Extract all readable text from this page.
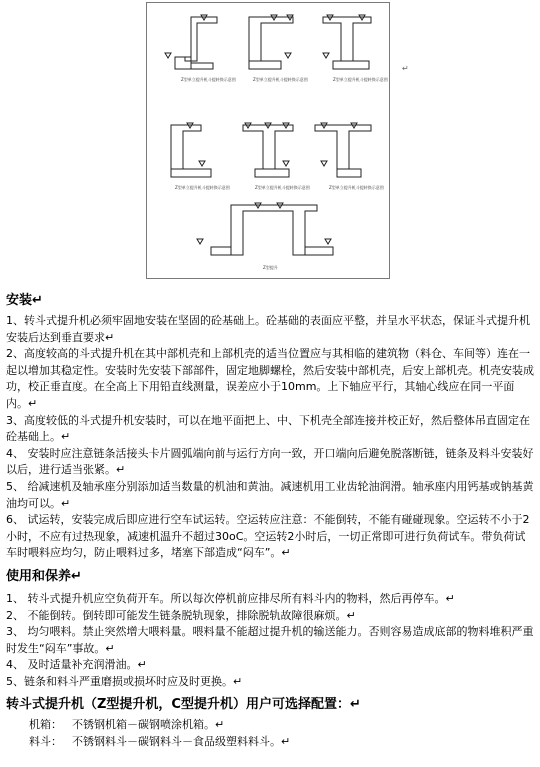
Z型单立提升机斗提转换示意图	Z型单立提升机斗提转换示意图	Z型单立提升机斗提转换示意图
Z型单立提升机斗提转换示意图	Z型单立提升机斗提转换示意图	Z型单立提升机斗提转换示意图
Z型提升
↵

安装↵

1、转斗式提升机必须牢固地安装在坚固的砼基础上。砼基础的表面应平整，并呈水平状态，保证斗式提升机安装后达到垂直要求↵

2、高度较高的斗式提升机在其中部机壳和上部机壳的适当位置应与其相临的建筑物（料仓、车间等）连在一起以增加其稳定性。安装时先安装下部部件，固定地脚螺栓，然后安装中部机壳，后安上部机壳。机壳安装成功，校正垂直度。在全高上下用铅直线测量，误差应小于10mm。上下轴应平行，其轴心线应在同一平面内。↵

3、高度较低的斗式提升机安装时，可以在地平面把上、中、下机壳全部连接并校正好，然后整体吊直固定在砼基础上。↵

4、 安装时应注意链条活接头卡片圆弧端向前与运行方向一致，开口端向后避免脱落断链，链条及料斗安装好以后，进行适当张紧。↵

5、 给减速机及轴承座分别添加适当数量的机油和黄油。减速机用工业齿轮油润滑。轴承座内用钙基或钠基黄油均可以。↵

6、 试运转，安装完成后即应进行空车试运转。空运转应注意：不能倒转，不能有碰碰现象。空运转不小于2小时，不应有过热现象，减速机温升不超过30oC。空运转2小时后，一切正常即可进行负荷试车。带负荷试车时喂料应均匀，防止喂料过多，堵塞下部造成“闷车”。↵

使用和保养↵

1、 转斗式提升机应空负荷开车。所以每次停机前应排尽所有料斗内的物料，然后再停车。↵

2、 不能倒转。倒转即可能发生链条脱轨现象，排除脱轨故障很麻烦。↵

3、 均匀喂料。禁止突然增大喂料量。喂料量不能超过提升机的输送能力。否则容易造成底部的物料堆积严重时发生“闷车”事故。↵

4、 及时适量补充润滑油。↵

5、链条和料斗严重磨损或损坏时应及时更换。↵

转斗式提升机（Z型提升机，C型提升机）用户可选择配置：↵

机箱： 不锈钢机箱－碳钢喷涂机箱。↵
料斗： 不锈钢料斗－碳钢料斗－食品级塑料料斗。↵
